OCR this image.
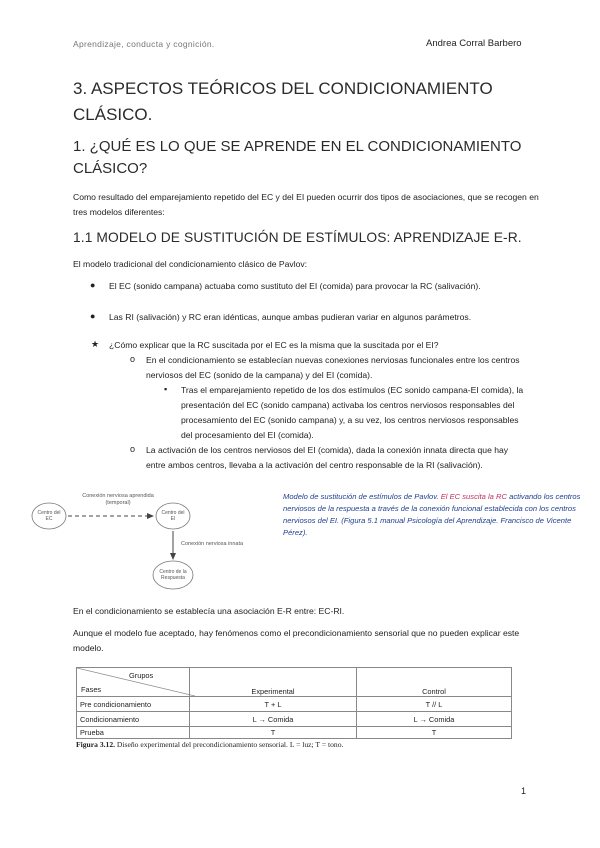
Aprendizaje, conducta y cognición.	Andrea Corral Barbero
3. ASPECTOS TEÓRICOS DEL CONDICIONAMIENTO CLÁSICO.
1. ¿QUÉ ES LO QUE SE APRENDE EN EL CONDICIONAMIENTO CLÁSICO?

Como resultado del emparejamiento repetido del EC y del EI pueden ocurrir dos tipos de asociaciones, que se recogen en tres modelos diferentes:

1.1 MODELO DE SUSTITUCIÓN DE ESTÍMULOS: APRENDIZAJE E-R.

El modelo tradicional del condicionamiento clásico de Pavlov:

● El EC (sonido campana) actuaba como sustituto del EI (comida) para provocar la RC (salivación).

● Las RI (salivación) y RC eran idénticas, aunque ambas pudieran variar en algunos parámetros.

★ ¿Cómo explicar que la RC suscitada por el EC es la misma que la suscitada por el EI?

o En el condicionamiento se establecían nuevas conexiones nerviosas funcionales entre los centros nerviosos del EC (sonido de la campana) y del EI (comida).

▪ Tras el emparejamiento repetido de los dos estímulos (EC sonido campana-EI comida), la presentación del EC (sonido campana) activaba los centros nerviosos responsables del procesamiento del EC (sonido campana) y, a su vez, los centros nerviosos responsables del procesamiento del EI (comida).

o La activación de los centros nerviosos del EI (comida), dada la conexión innata directa que hay entre ambos centros, llevaba a la activación del centro responsable de la RI (salivación).

Conexión nerviosa aprendida
(temporal)
Centro del EC
Centro del EI
Conexión nerviosa innata
Centro de la Respuesta
Modelo de sustitución de estímulos de Pavlov. El EC suscita la RC activando los centros nerviosos de la respuesta a través de la conexión funcional establecida con los centros nerviosos del EI. (Figura 5.1 manual Psicología del Aprendizaje. Francisco de Vicente Pérez).

En el condicionamiento se establecía una asociación E-R entre: EC-RI.

Aunque el modelo fue aceptado, hay fenómenos como el precondicionamiento sensorial que no pueden explicar este modelo.

Grupos
Fases	Experimental	Control
Pre condicionamiento	T + L	T // L
Condicionamiento	L → Comida	L → Comida
Prueba	T	T
Figura 3.12. Diseño experimental del precondicionamiento sensorial. L = luz; T = tono.
1
